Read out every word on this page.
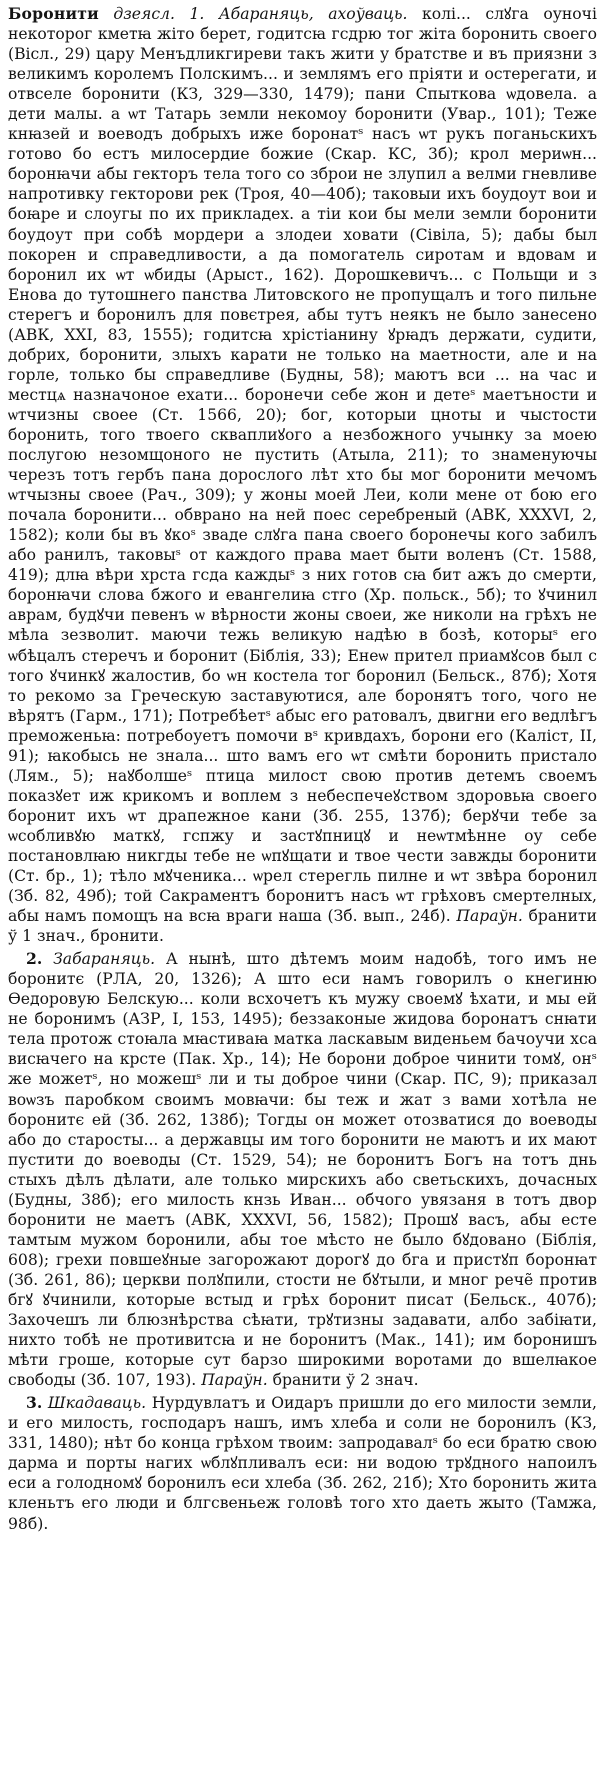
Боронити дзеясл. 1. Абараняць, ахоўваць. колі... слꙋга оуночі некоторог кметꙗ жіто берет, годитсꙗ гсдрю тог жіта боронить своего (Вісл., 29) цару Менъдликгиреви такъ жити у братстве и въ приязни з великимъ королемъ Полскимъ... и землямъ его пріяти и остерегати, и отвселе боронити (КЗ, 329—330, 1479); пани Спыткова ѡдовела. а дети малы. а ѡт Татарь земли некомоу боронити (Увар., 101); Теже кнꙗзей и воеводъ добрыхъ иже боронатˢ насъ ѡт рукъ поганьскихъ готово бо естъ милосердие божие (Скар. КС, 3б); крол мериѡн... боронꙗчи абы гекторъ тела того со зброи не злупил а велми гневливе напротивку гекторови рек (Троя, 40—40б); таковыи ихъ боудоут вои и боꙗре и слоугы по их прикладех. а тіи кои бы мели земли боронити боудоут при собѣ мордери а злодеи ховати (Сівіла, 5); дабы был покорен и справедливости, а да помогатель сиротам и вдовам и боронил их ѡт ѡбиды (Арыст., 162). Дорошкевичъ... с Польщи и з Енова до тутошнего панства Литовского не пропущалъ и того пильне стерегъ и боронилъ для повєтрея, абы тутъ неякъ не было занесено (АВК, XXI, 83, 1555); годитсꙗ хрістіанину ꙋрꙗдъ держати, судити, добрих, боронити, злыхъ карати не только на маетности, але и на горле, только бы справедливе (Будны, 58); маютъ вси ... на час и местцѧ назначоное ехати... боронечи себе жон и детеˢ маетъности и ѡтчизны своее (Ст. 1566, 20); бог, которыи цноты и чыстости боронить, того твоего скваплиꙋого а незбожного учынку за моею послугою незомщоного не пустить (Атыла, 211); то знаменуючы черезъ тотъ гербъ пана дорослого лѣт хто бы мог боронити мечомъ ѡтчызны своее (Рач., 309); у жоны моей Леи, коли мене от бою его почала боронити... обврано на ней поес серебреный (АВК, XXXVI, 2, 1582); коли бы въ ꙋкоˢ зваде слꙋга пана своего боронечы кого забилъ або ранилъ, таковыˢ от каждого права мает быти воленъ (Ст. 1588, 419); длꙗ вѣри хрста гсда каждыˢ з них готов сꙗ бит ажъ до смерти, боронꙗчи слова бжого и евангелиꙗ стго (Хр. польск., 5б); то ꙋчинил аврам, будꙋчи певенъ ѡ вѣрности жоны своеи, же николи на грѣхъ не мѣла зезволит. маючи тежь великую надѣю в бозѣ, которыˢ его ѡбѣцалъ стеречъ и боронит (Біблія, 33); Енеѡ прител приамꙋсов был с того ꙋчинкꙋ жалостив, бо ѡн костела тог боронил (Бельск., 87б); Хотя то рекомо за Греческую заставуютися, але боронятъ того, чого не вѣрятъ (Гарм., 171); Потребѣетˢ абыс его ратовалъ, двигни его ведлѣгъ преможеньꙗ: потребоуетъ помочи вˢ кривдахъ, борони его (Каліст, II, 91); ꙗкобысь не знала... што вамъ его ѡт смѣти боронить пристало (Лям., 5); наꙋболшеˢ птица милост свою против детемъ своемъ показꙋет иж крикомъ и воплем з небеспечеꙋством здоровьꙗ своего боронит ихъ ѡт драпежное кани (Зб. 255, 137б); берꙋчи тебе за ѡсобливꙋю маткꙋ, гспжу и застꙋпницꙋ и неѡтмѣнне оу себе постановлꙗю никгды тебе не ѡпꙋщати и твое чести завжды боронити (Ст. бр., 1); тѣло мꙋченика... ѡрел стерегль пилне и ѡт звѣра боронил (Зб. 82, 49б); той Сакраментъ боронитъ насъ ѡт грѣховъ смертелных, абы намъ помощъ на всꙗ враги наша (Зб. вып., 24б). Параўн. бранити ў 1 знач., бронити.

2. Забараняць. А нынѣ, што дѣтемъ моим надобѣ, того имъ не боронитє (РЛА, 20, 1326); А што еси намъ говорилъ о кнегиню Ѳедоровую Белскую... коли всхочетъ къ мужу своемꙋ ѣхати, и мы ей не боронимъ (АЗР, I, 153, 1495); беззаконые жидова боронатъ снꙗти тела протож стоꙗла мꙗстиваꙗ матка ласкавым виденьем бачоучи хса висꙗчего на крсте (Пак. Хр., 14); Не борони доброе чинити томꙋ, онˢ же можетˢ, но можешˢ ли и ты доброе чини (Скар. ПС, 9); приказал воѡзъ паробком своимъ мовꙗчи: бы теж и жат з вами хотѣла не боронитє ей (Зб. 262, 138б); Тогды он может отозватися до воеводы або до старосты... а державцы им того боронити не маютъ и их мают пустити до воеводы (Ст. 1529, 54); не боронитъ Богъ на тотъ днь стыхъ дѣлъ дѣлати, але только мирскихъ або светьскихъ, дочасных (Будны, 38б); его милость кнзь Иван... обчого увязаня в тотъ двор боронити не маетъ (АВК, XXXVI, 56, 1582); Прошꙋ васъ, абы есте тамтым мужом боронили, абы тое мѣсто не было бꙋдовано (Біблія, 608); грехи повшеꙋные загорожают дорогꙋ до бга и пристꙋп боронꙗт (Зб. 261, 86); церкви полꙋпили, стости не бꙋтыли, и мног рече̃ против бгꙋ ꙋчинили, которые встыд и грѣх боронит писат (Бельск., 407б); Захочешъ ли блюзнѣрства сѣꙗти, трꙋтизны задавати, албо забіꙗти, нихто тобѣ не противитсꙗ и не боронитъ (Мак., 141); им боронишъ мѣти гроше, которые сут барзо широкими воротами до вшелꙗкое свободы (Зб. 107, 193). Параўн. бранити ў 2 знач.

3. Шкадаваць. Нурдувлатъ и Оидаръ пришли до его милости земли, и его милость, господаръ нашъ, имъ хлеба и соли не боронилъ (КЗ, 331, 1480); нѣт бо конца грѣхом твоим: запродавалˢ бо еси братю свою дарма и порты нагих ѡблꙋпливалъ еси: ни водою трꙋдного напоилъ еси а голодномꙋ боронилъ еси хлеба (Зб. 262, 21б); Хто боронить жита кленьтъ его люди и блгсвеньеж головѣ того хто даеть жыто (Тамжа, 98б).
